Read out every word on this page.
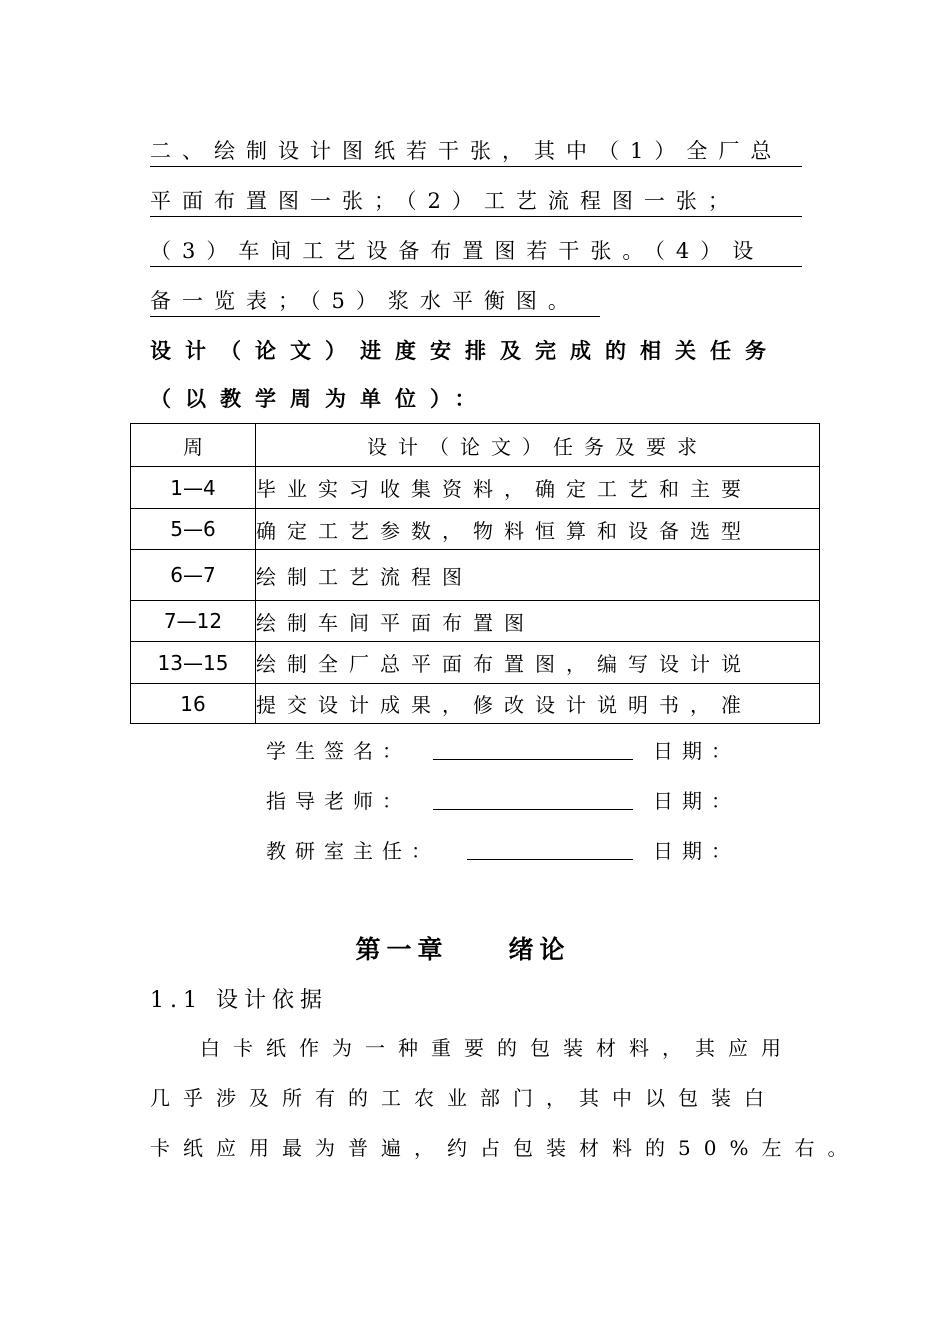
二、绘制设计图纸若干张，其中（1）全厂总
平面布置图一张；（2）工艺流程图一张；
（3）车间工艺设备布置图若干张。（4）设
备一览表；（5）浆水平衡图。
设计（论文）进度安排及完成的相关任务
（以教学周为单位）：
周	设计（论文）任务及要求
1—4	毕业实习收集资料，确定工艺和主要
5—6	确定工艺参数，物料恒算和设备选型
6—7	绘制工艺流程图
7—12	绘制车间平面布置图
13—15	绘制全厂总平面布置图，编写设计说
16	提交设计成果，修改设计说明书，准
学生签名：	日期：
指导老师：	日期：
教研室主任：	日期：
第一章 绪论
1.1 设计依据
白卡纸作为一种重要的包装材料，其应用
几乎涉及所有的工农业部门，其中以包装白
卡纸应用最为普遍，约占包装材料的50%左右。
